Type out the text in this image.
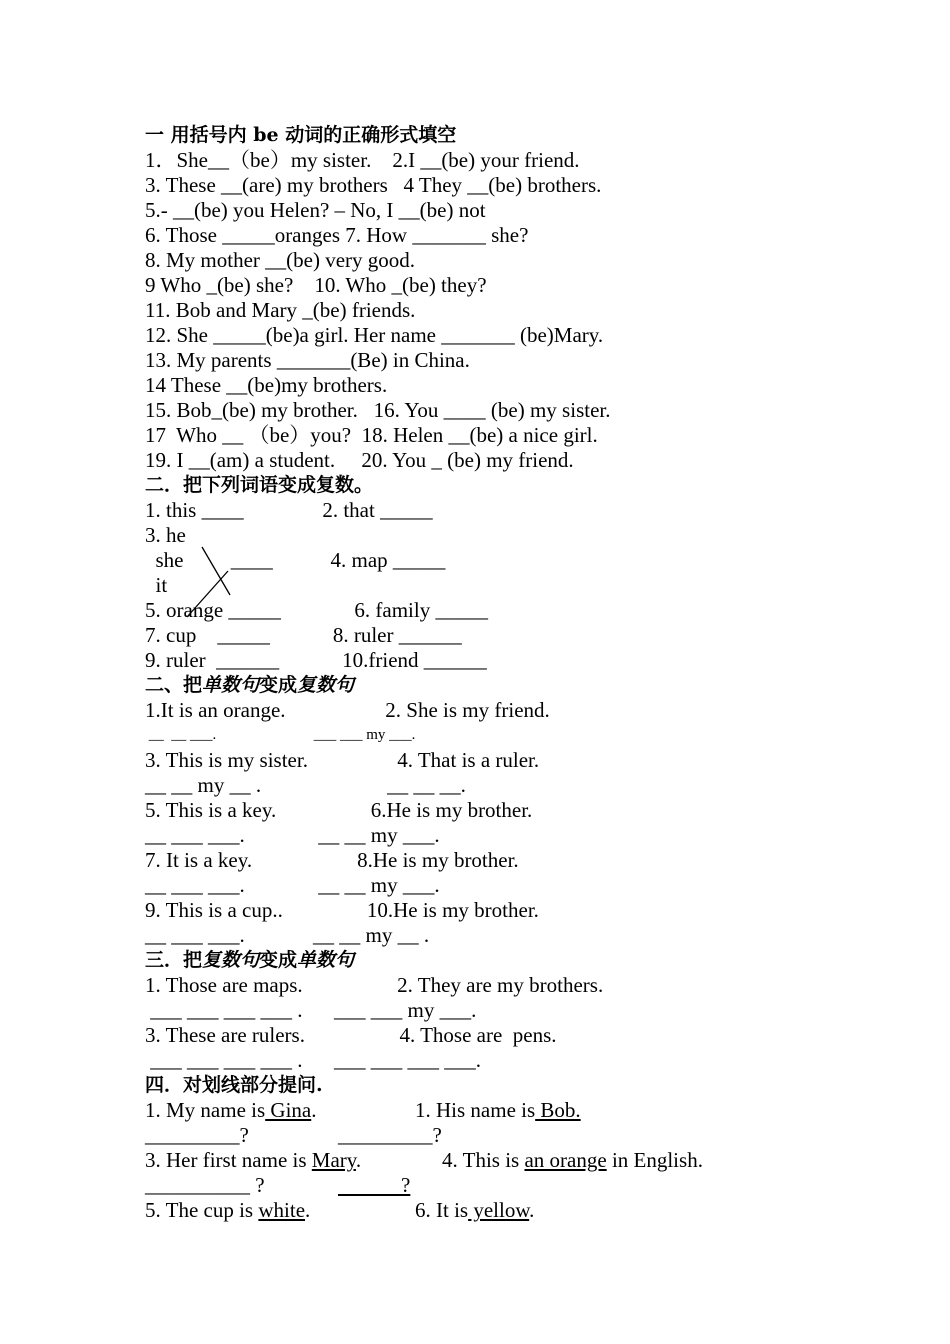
一 用括号内 be 动词的正确形式填空
1．She__（be）my sister.    2.I __(be) your friend.
3. These __(are) my brothers   4 They __(be) brothers.
5.- __(be) you Helen? – No, I __(be) not
6. Those _____oranges 7. How _______ she?
8. My mother __(be) very good.
9 Who _(be) she?    10. Who _(be) they?
11. Bob and Mary _(be) friends.
12. She _____(be)a girl. Her name _______ (be)Mary.
13. My parents _______(Be) in China.
14 These __(be)my brothers.
15. Bob_(be) my brother.   16. You ____ (be) my sister.
17  Who __ （be）you?  18. Helen __(be) a nice girl.
19. I __(am) a student.     20. You _ (be) my friend.
二．把下列词语变成复数。
1. this ____               2. that _____
3. he
she         ____           4. map _____
it
5. orange _____              6. family _____
7. cup    _____            8. ruler ______
9. ruler  ______            10.friend ______
二、把单数句变成复数句
1.It is an orange.                   2. She is my friend.
__  __ ___.                          ___ ___ my ___.
3. This is my sister.                 4. That is a ruler.
__ __ my __ .                        __ __ __.
5. This is a key.                  6.He is my brother.
__ ___ ___.              __ __ my ___.
7. It is a key.                    8.He is my brother.
__ ___ ___.              __ __ my ___.
9. This is a cup..                10.He is my brother.
__ ___ ___.             __ __ my __ .
三．把复数句变成单数句
1. Those are maps.                  2. They are my brothers.
___ ___ ___ ___ .      ___ ___ my ___.
3. These are rulers.                  4. Those are  pens.
___ ___ ___ ___ .      ___ ___ ___ ___.
四．对划线部分提问.
1. My name is Gina.	1. His name is Bob.
_________?	_________?
3. Her first name is Mary.	4. This is an orange in English.
__________ ?	?
5. The cup is white.	6. It is yellow.
